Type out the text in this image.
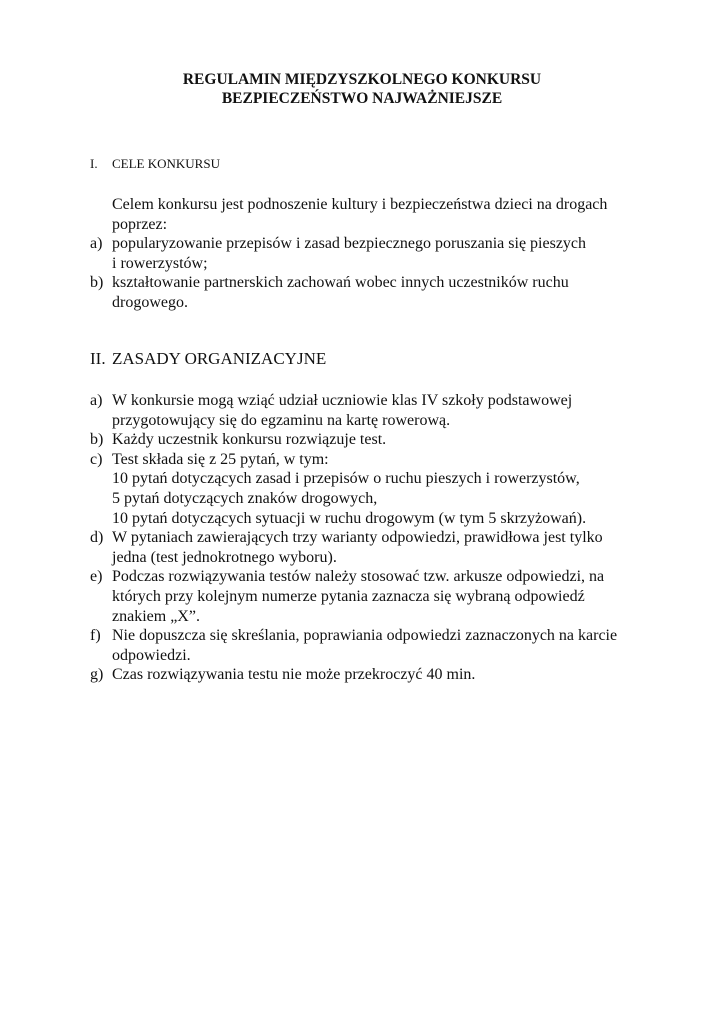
REGULAMIN MIĘDZYSZKOLNEGO KONKURSU
BEZPIECZEŃSTWO NAJWAŻNIEJSZE
I. CELE KONKURSU
Celem konkursu jest podnoszenie kultury i bezpieczeństwa dzieci na drogach
poprzez:
a) popularyzowanie przepisów i zasad bezpiecznego poruszania się pieszych
i rowerzystów;
b) kształtowanie partnerskich zachowań wobec innych uczestników ruchu
drogowego.
II. ZASADY ORGANIZACYJNE
a) W konkursie mogą wziąć udział uczniowie klas IV szkoły podstawowej
przygotowujący się do egzaminu na kartę rowerową.
b) Każdy uczestnik konkursu rozwiązuje test.
c) Test składa się z 25 pytań, w tym:
10 pytań dotyczących zasad i przepisów o ruchu pieszych i rowerzystów,
5 pytań dotyczących znaków drogowych,
10 pytań dotyczących sytuacji w ruchu drogowym (w tym 5 skrzyżowań).
d) W pytaniach zawierających trzy warianty odpowiedzi, prawidłowa jest tylko
jedna (test jednokrotnego wyboru).
e) Podczas rozwiązywania testów należy stosować tzw. arkusze odpowiedzi, na
których przy kolejnym numerze pytania zaznacza się wybraną odpowiedź
znakiem „X”.
f) Nie dopuszcza się skreślania, poprawiania odpowiedzi zaznaczonych na karcie
odpowiedzi.
g) Czas rozwiązywania testu nie może przekroczyć 40 min.
